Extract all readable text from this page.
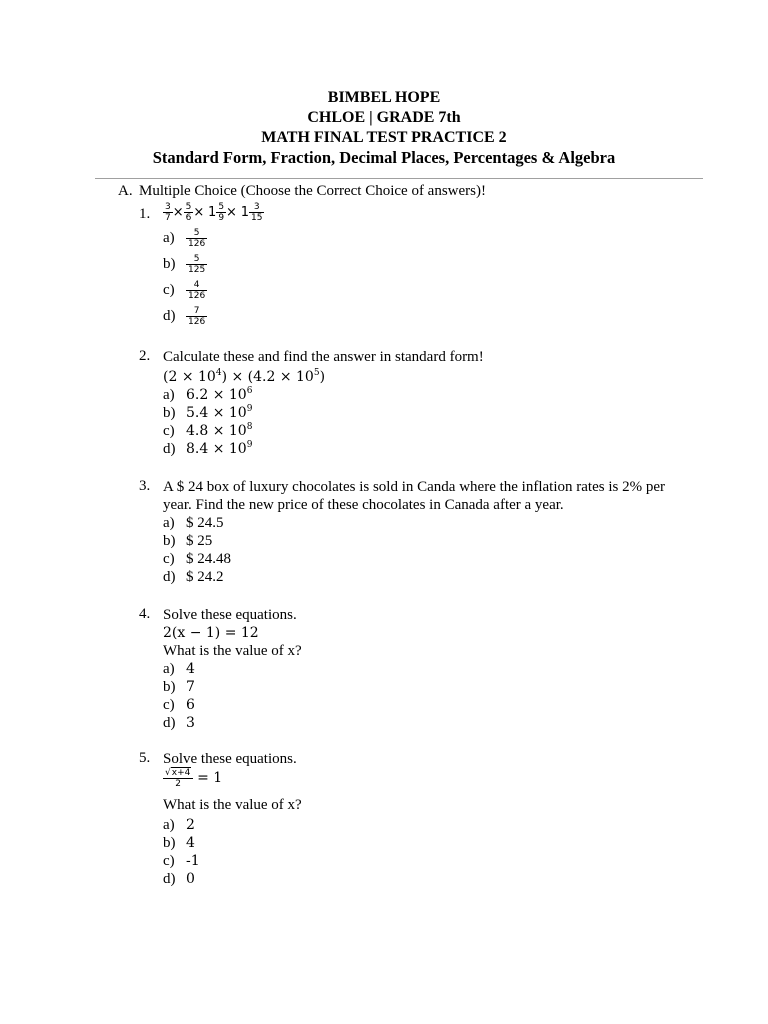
BIMBEL HOPE
CHLOE | GRADE 7th
MATH FINAL TEST PRACTICE 2
Standard Form, Fraction, Decimal Places, Percentages & Algebra
A. Multiple Choice (Choose the Correct Choice of answers)!
1.	$\frac{3}{7} \times \frac{5}{6} \times 1 \frac{5}{9} \times 1 \frac{3}{15}$
$a) \frac{5}{126}$
$b) \frac{5}{125}$
$c) \frac{4}{126}$
$d) \frac{7}{126}$
2. Calculate these and find the answer in standard form!
$(2 \times 10^4) \times (4.2 \times 10^5)$
a) $6.2 \times 10^6$
b) $5.4 \times 10^9$
c) $4.8 \times 10^8$
d) $8.4 \times 10^9$
3. A $ 24 box of luxury chocolates is sold in Canda where the inflation rates is 2% per
year. Find the new price of these chocolates in Canada after a year.
a) $ 24.5
b) $ 25
c) $ 24.48
d) $ 24.2
4. Solve these equations.
2(x − 1) = 12
What is the value of x?
a) 4
b) 7
c) 6
d) 3
5. Solve these equations.
$\frac{√x+4}{2} = 1$
What is the value of x?
a) 2
b) 4
c) -1
d) 0
